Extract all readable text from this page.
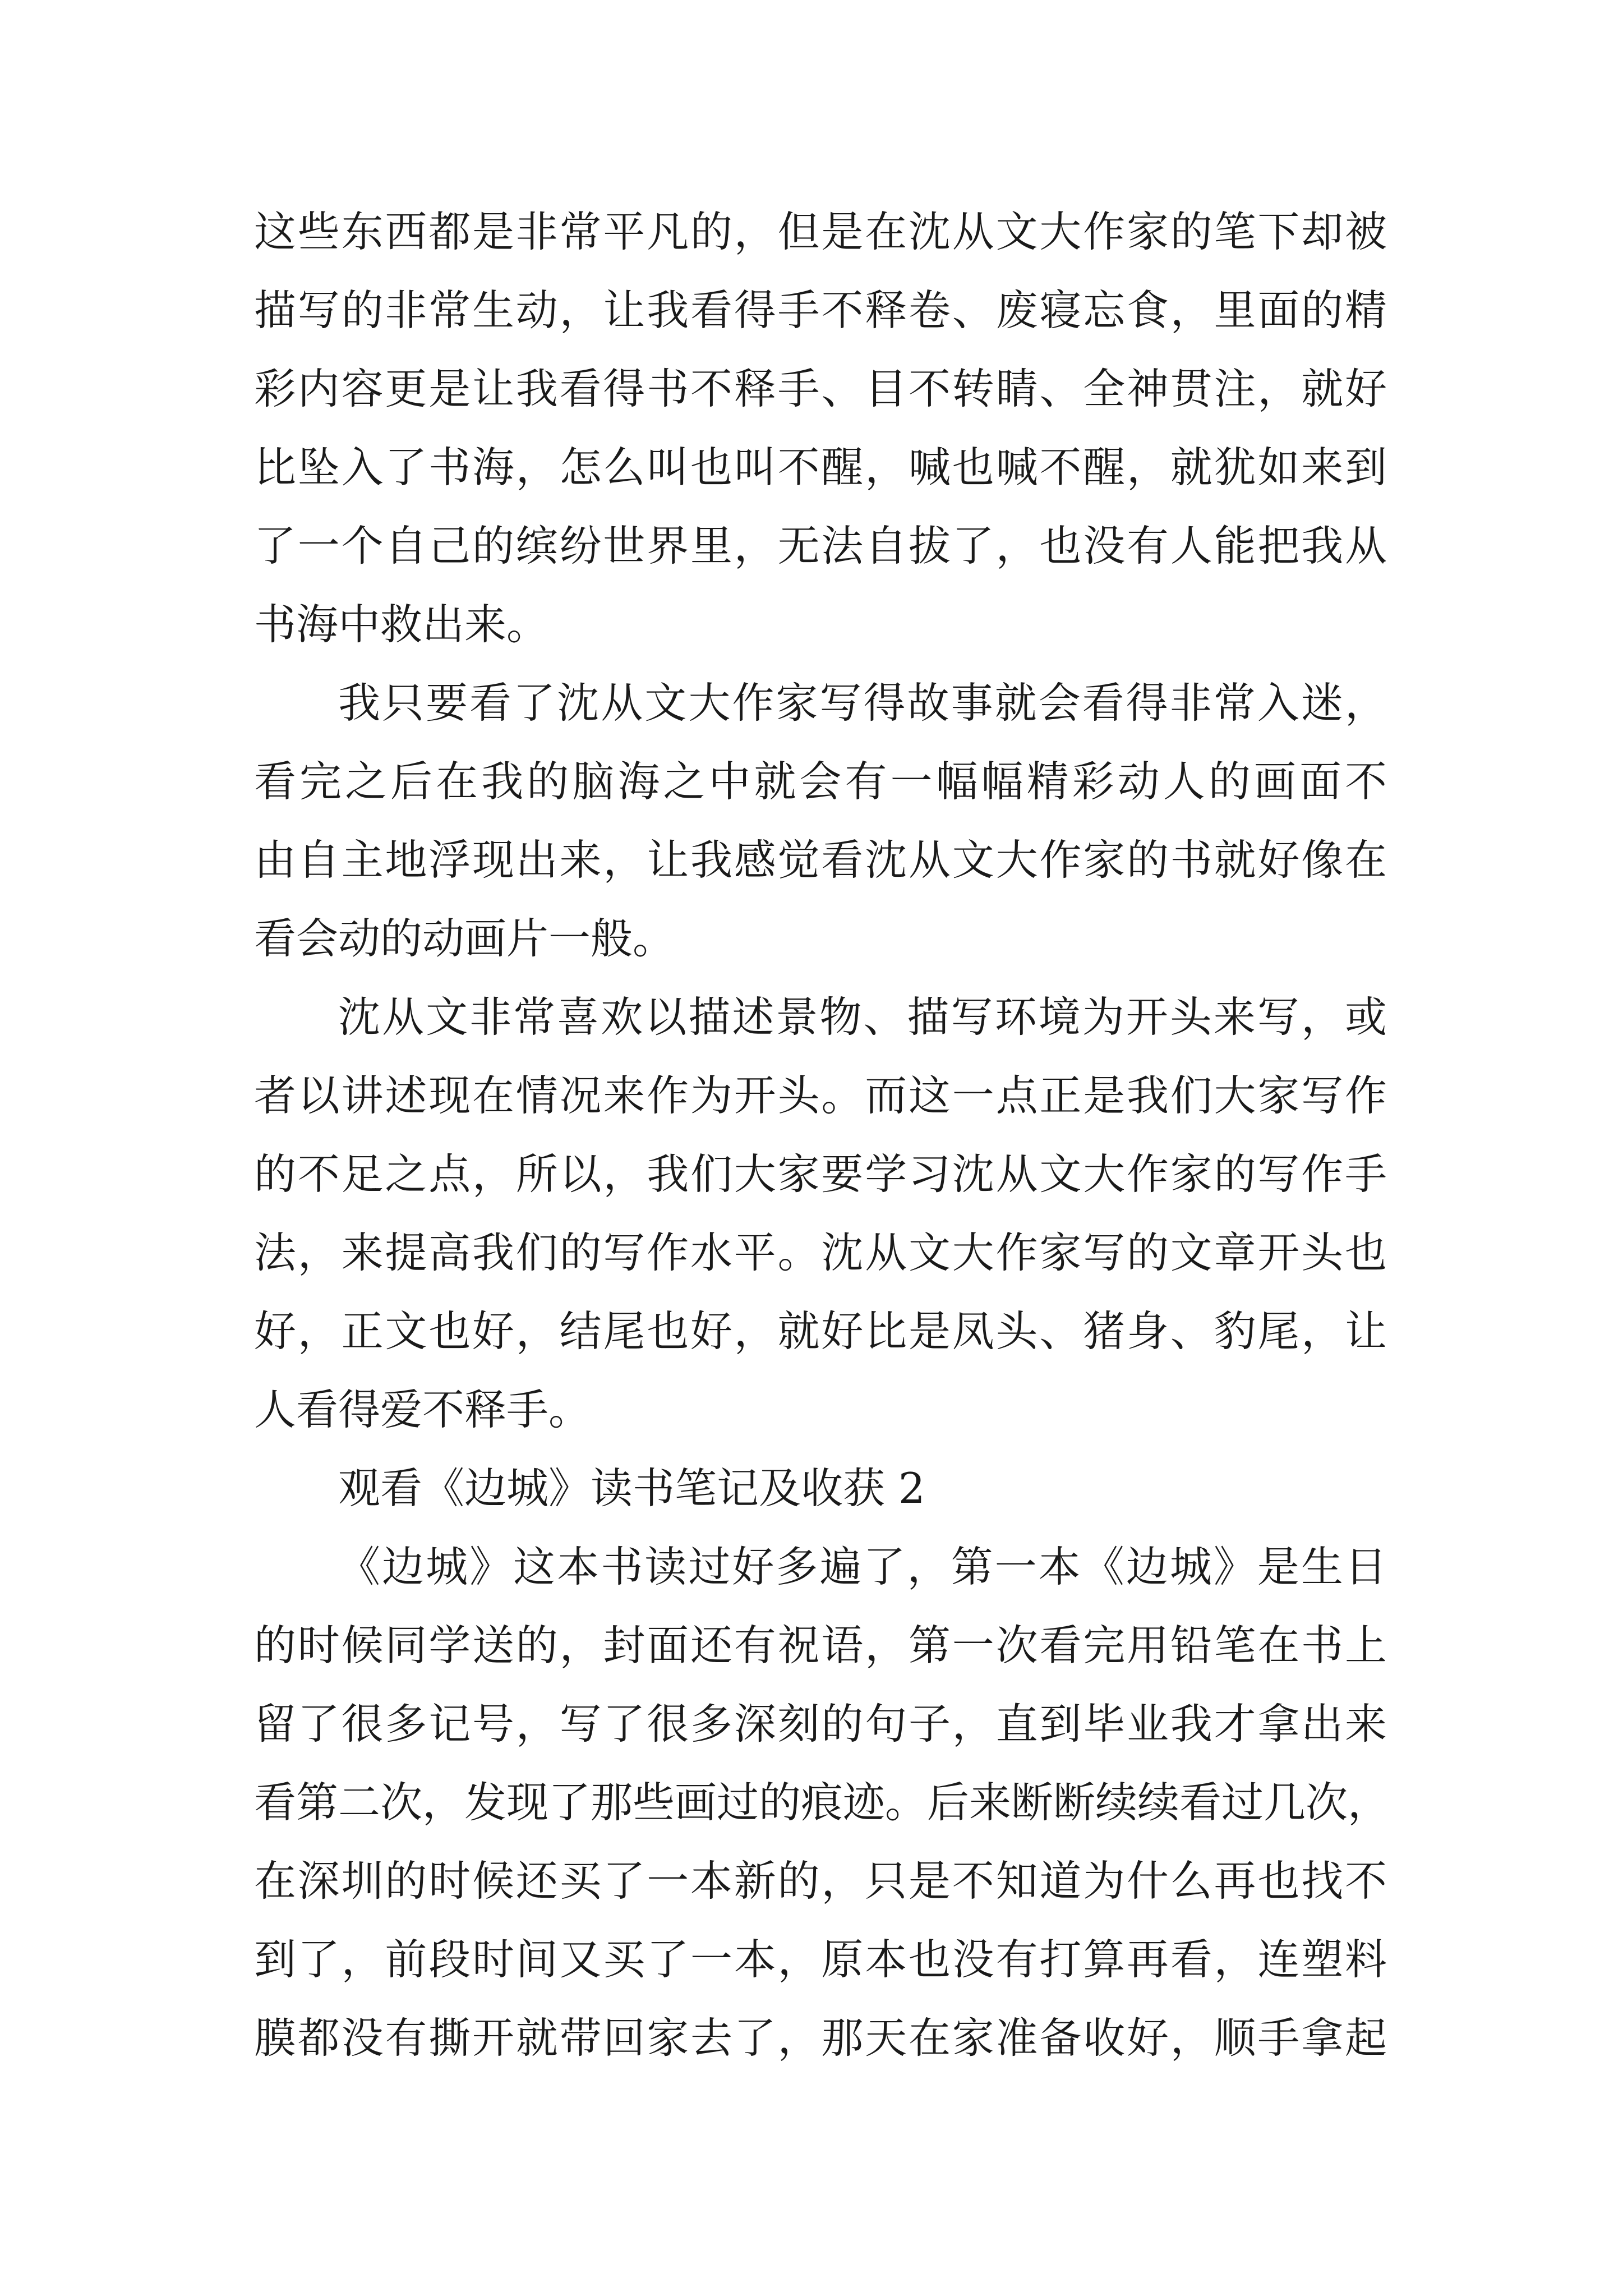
这些东西都是非常平凡的，但是在沈从文大作家的笔下却被
描写的非常生动，让我看得手不释卷、废寝忘食，里面的精
彩内容更是让我看得书不释手、目不转睛、全神贯注，就好
比坠入了书海，怎么叫也叫不醒，喊也喊不醒，就犹如来到
了一个自己的缤纷世界里，无法自拔了，也没有人能把我从
书海中救出来。
我只要看了沈从文大作家写得故事就会看得非常入迷，
看完之后在我的脑海之中就会有一幅幅精彩动人的画面不
由自主地浮现出来，让我感觉看沈从文大作家的书就好像在
看会动的动画片一般。
沈从文非常喜欢以描述景物、描写环境为开头来写，或
者以讲述现在情况来作为开头。而这一点正是我们大家写作
的不足之点，所以，我们大家要学习沈从文大作家的写作手
法，来提高我们的写作水平。沈从文大作家写的文章开头也
好，正文也好，结尾也好，就好比是凤头、猪身、豹尾，让
人看得爱不释手。
观看《边城》读书笔记及收获 2
《边城》这本书读过好多遍了，第一本《边城》是生日
的时候同学送的，封面还有祝语，第一次看完用铅笔在书上
留了很多记号，写了很多深刻的句子，直到毕业我才拿出来
看第二次，发现了那些画过的痕迹。后来断断续续看过几次，
在深圳的时候还买了一本新的，只是不知道为什么再也找不
到了，前段时间又买了一本，原本也没有打算再看，连塑料
膜都没有撕开就带回家去了，那天在家准备收好，顺手拿起
